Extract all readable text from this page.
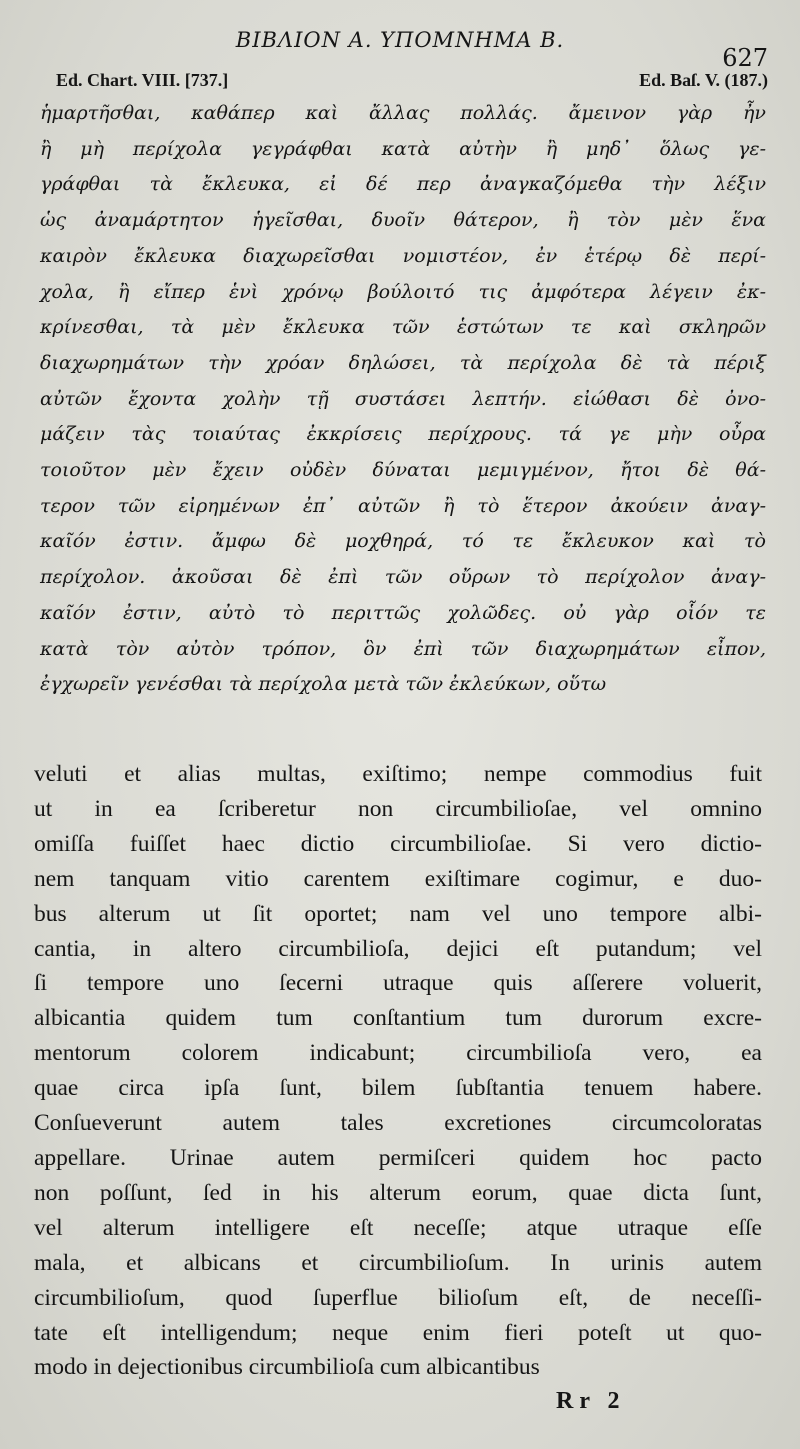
ΒΙΒΛΙΟΝ Α. ΥΠΟΜΝΗΜΑ Β.
627
Ed. Chart. VIII. [737.]	Ed. Baſ. V. (187.)
ἡμαρτῆσθαι, καθάπερ καὶ ἄλλας πολλάς. ἄμεινον γὰρ ἦν
ἢ μὴ περίχολα γεγράφθαι κατὰ αὐτὴν ἢ μηδ᾽ ὅλως γε-
γράφθαι τὰ ἔκλευκα, εἰ δέ περ ἀναγκαζόμεθα τὴν λέξιν
ὡς ἀναμάρτητον ἡγεῖσθαι, δυοῖν θάτερον, ἢ τὸν μὲν ἕνα
καιρὸν ἔκλευκα διαχωρεῖσθαι νομιστέον, ἐν ἑτέρῳ δὲ περί-
χολα, ἢ εἴπερ ἑνὶ χρόνῳ βούλοιτό τις ἀμφότερα λέγειν ἐκ-
κρίνεσθαι, τὰ μὲν ἔκλευκα τῶν ἑστώτων τε καὶ σκληρῶν
διαχωρημάτων τὴν χρόαν δηλώσει, τὰ περίχολα δὲ τὰ πέριξ
αὐτῶν ἔχοντα χολὴν τῇ συστάσει λεπτήν. εἰώθασι δὲ ὀνο-
μάζειν τὰς τοιαύτας ἐκκρίσεις περίχρους. τά γε μὴν οὖρα
τοιοῦτον μὲν ἔχειν οὐδὲν δύναται μεμιγμένον, ἤτοι δὲ θά-
τερον τῶν εἰρημένων ἐπ᾽ αὐτῶν ἢ τὸ ἕτερον ἀκούειν ἀναγ-
καῖόν ἐστιν. ἄμφω δὲ μοχθηρά, τό τε ἔκλευκον καὶ τὸ
περίχολον. ἀκοῦσαι δὲ ἐπὶ τῶν οὔρων τὸ περίχολον ἀναγ-
καῖόν ἐστιν, αὐτὸ τὸ περιττῶς χολῶδες. οὐ γὰρ οἷόν τε
κατὰ τὸν αὐτὸν τρόπον, ὃν ἐπὶ τῶν διαχωρημάτων εἶπον,
ἐγχωρεῖν γενέσθαι τὰ περίχολα μετὰ τῶν ἐκλεύκων, οὕτω
veluti et alias multas, exiſtimo; nempe commodius fuit
ut in ea ſcriberetur non circumbilioſae, vel omnino
omiſſa fuiſſet haec dictio circumbilioſae. Si vero dictio-
nem tanquam vitio carentem exiſtimare cogimur, e duo-
bus alterum ut ſit oportet; nam vel uno tempore albi-
cantia, in altero circumbilioſa, dejici eſt putandum; vel
ſi tempore uno ſecerni utraque quis aſſerere voluerit,
albicantia quidem tum conſtantium tum durorum excre-
mentorum colorem indicabunt; circumbilioſa vero, ea
quae circa ipſa ſunt, bilem ſubſtantia tenuem habere.
Conſueverunt autem tales excretiones circumcoloratas
appellare. Urinae autem permiſceri quidem hoc pacto
non poſſunt, ſed in his alterum eorum, quae dicta ſunt,
vel alterum intelligere eſt neceſſe; atque utraque eſſe
mala, et albicans et circumbilioſum. In urinis autem
circumbilioſum, quod ſuperflue bilioſum eſt, de neceſſi-
tate eſt intelligendum; neque enim fieri poteſt ut quo-
modo in dejectionibus circumbilioſa cum albicantibus
Rr 2
